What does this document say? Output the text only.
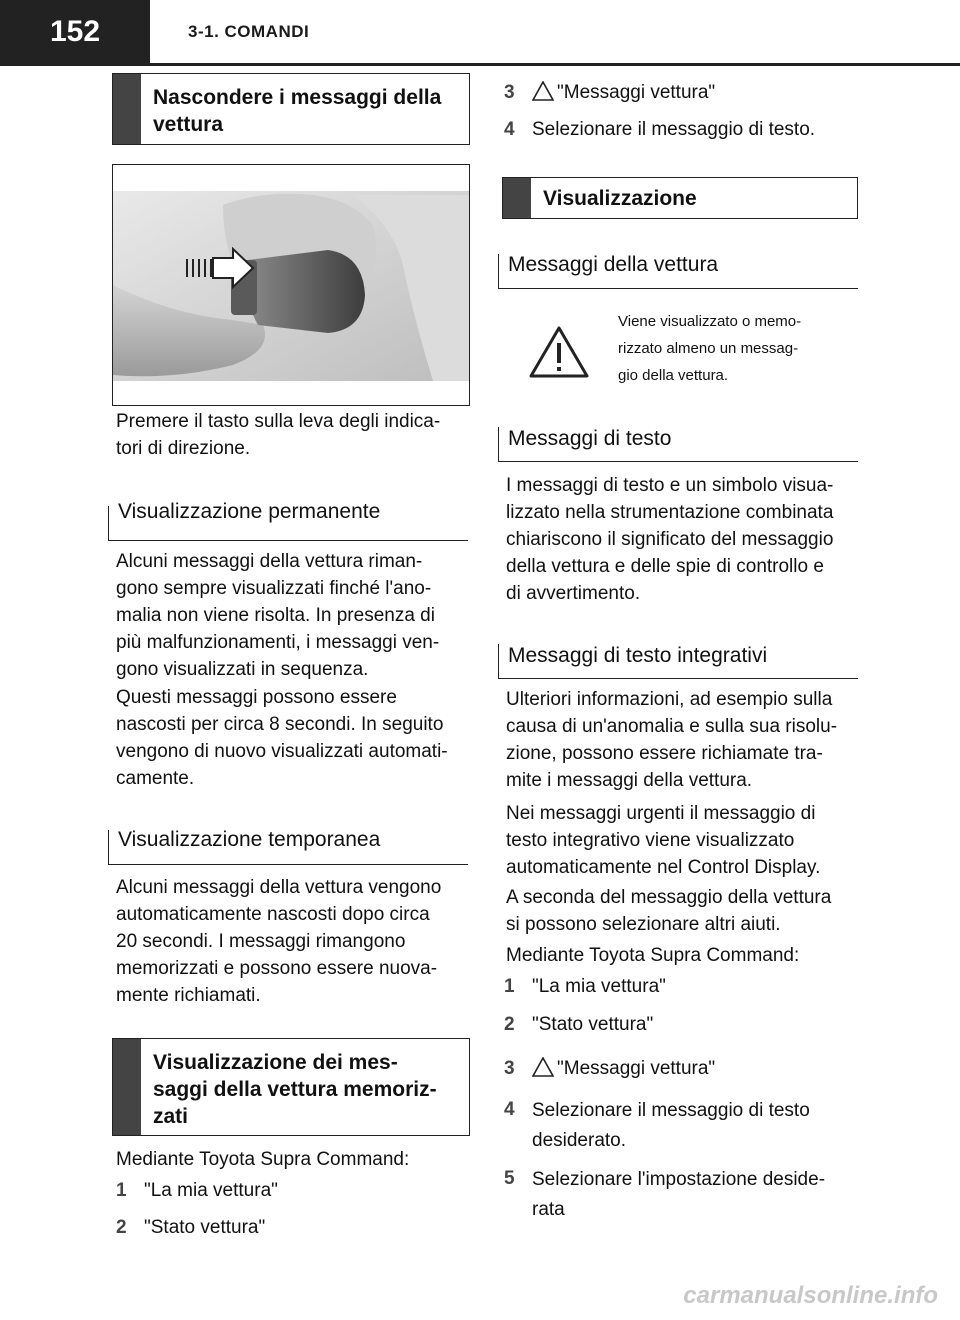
152	3-1. COMANDI
Nascondere i messaggi della vettura
Premere il tasto sulla leva degli indica-
tori di direzione.
Visualizzazione permanente
Alcuni messaggi della vettura riman-
gono sempre visualizzati finché l'ano-
malia non viene risolta. In presenza di
più malfunzionamenti, i messaggi ven-
gono visualizzati in sequenza.
Questi messaggi possono essere
nascosti per circa 8 secondi. In seguito
vengono di nuovo visualizzati automati-
camente.
Visualizzazione temporanea
Alcuni messaggi della vettura vengono
automaticamente nascosti dopo circa
20 secondi. I messaggi rimangono
memorizzati e possono essere nuova-
mente richiamati.
Visualizzazione dei mes-
saggi della vettura memoriz-
zati
Mediante Toyota Supra Command:
1 "La mia vettura"
2 "Stato vettura"
3	"Messaggi vettura"
4 Selezionare il messaggio di testo.
Visualizzazione
Messaggi della vettura
Viene visualizzato o memo-
rizzato almeno un messag-
gio della vettura.
Messaggi di testo
I messaggi di testo e un simbolo visua-
lizzato nella strumentazione combinata
chiariscono il significato del messaggio
della vettura e delle spie di controllo e
di avvertimento.
Messaggi di testo integrativi
Ulteriori informazioni, ad esempio sulla
causa di un'anomalia e sulla sua risolu-
zione, possono essere richiamate tra-
mite i messaggi della vettura.
Nei messaggi urgenti il messaggio di
testo integrativo viene visualizzato
automaticamente nel Control Display.
A seconda del messaggio della vettura
si possono selezionare altri aiuti.
Mediante Toyota Supra Command:
1 "La mia vettura"
2 "Stato vettura"
3	"Messaggi vettura"
4 Selezionare il messaggio di testo
desiderato.
5 Selezionare l'impostazione deside-
rata
carmanualsonline.info
